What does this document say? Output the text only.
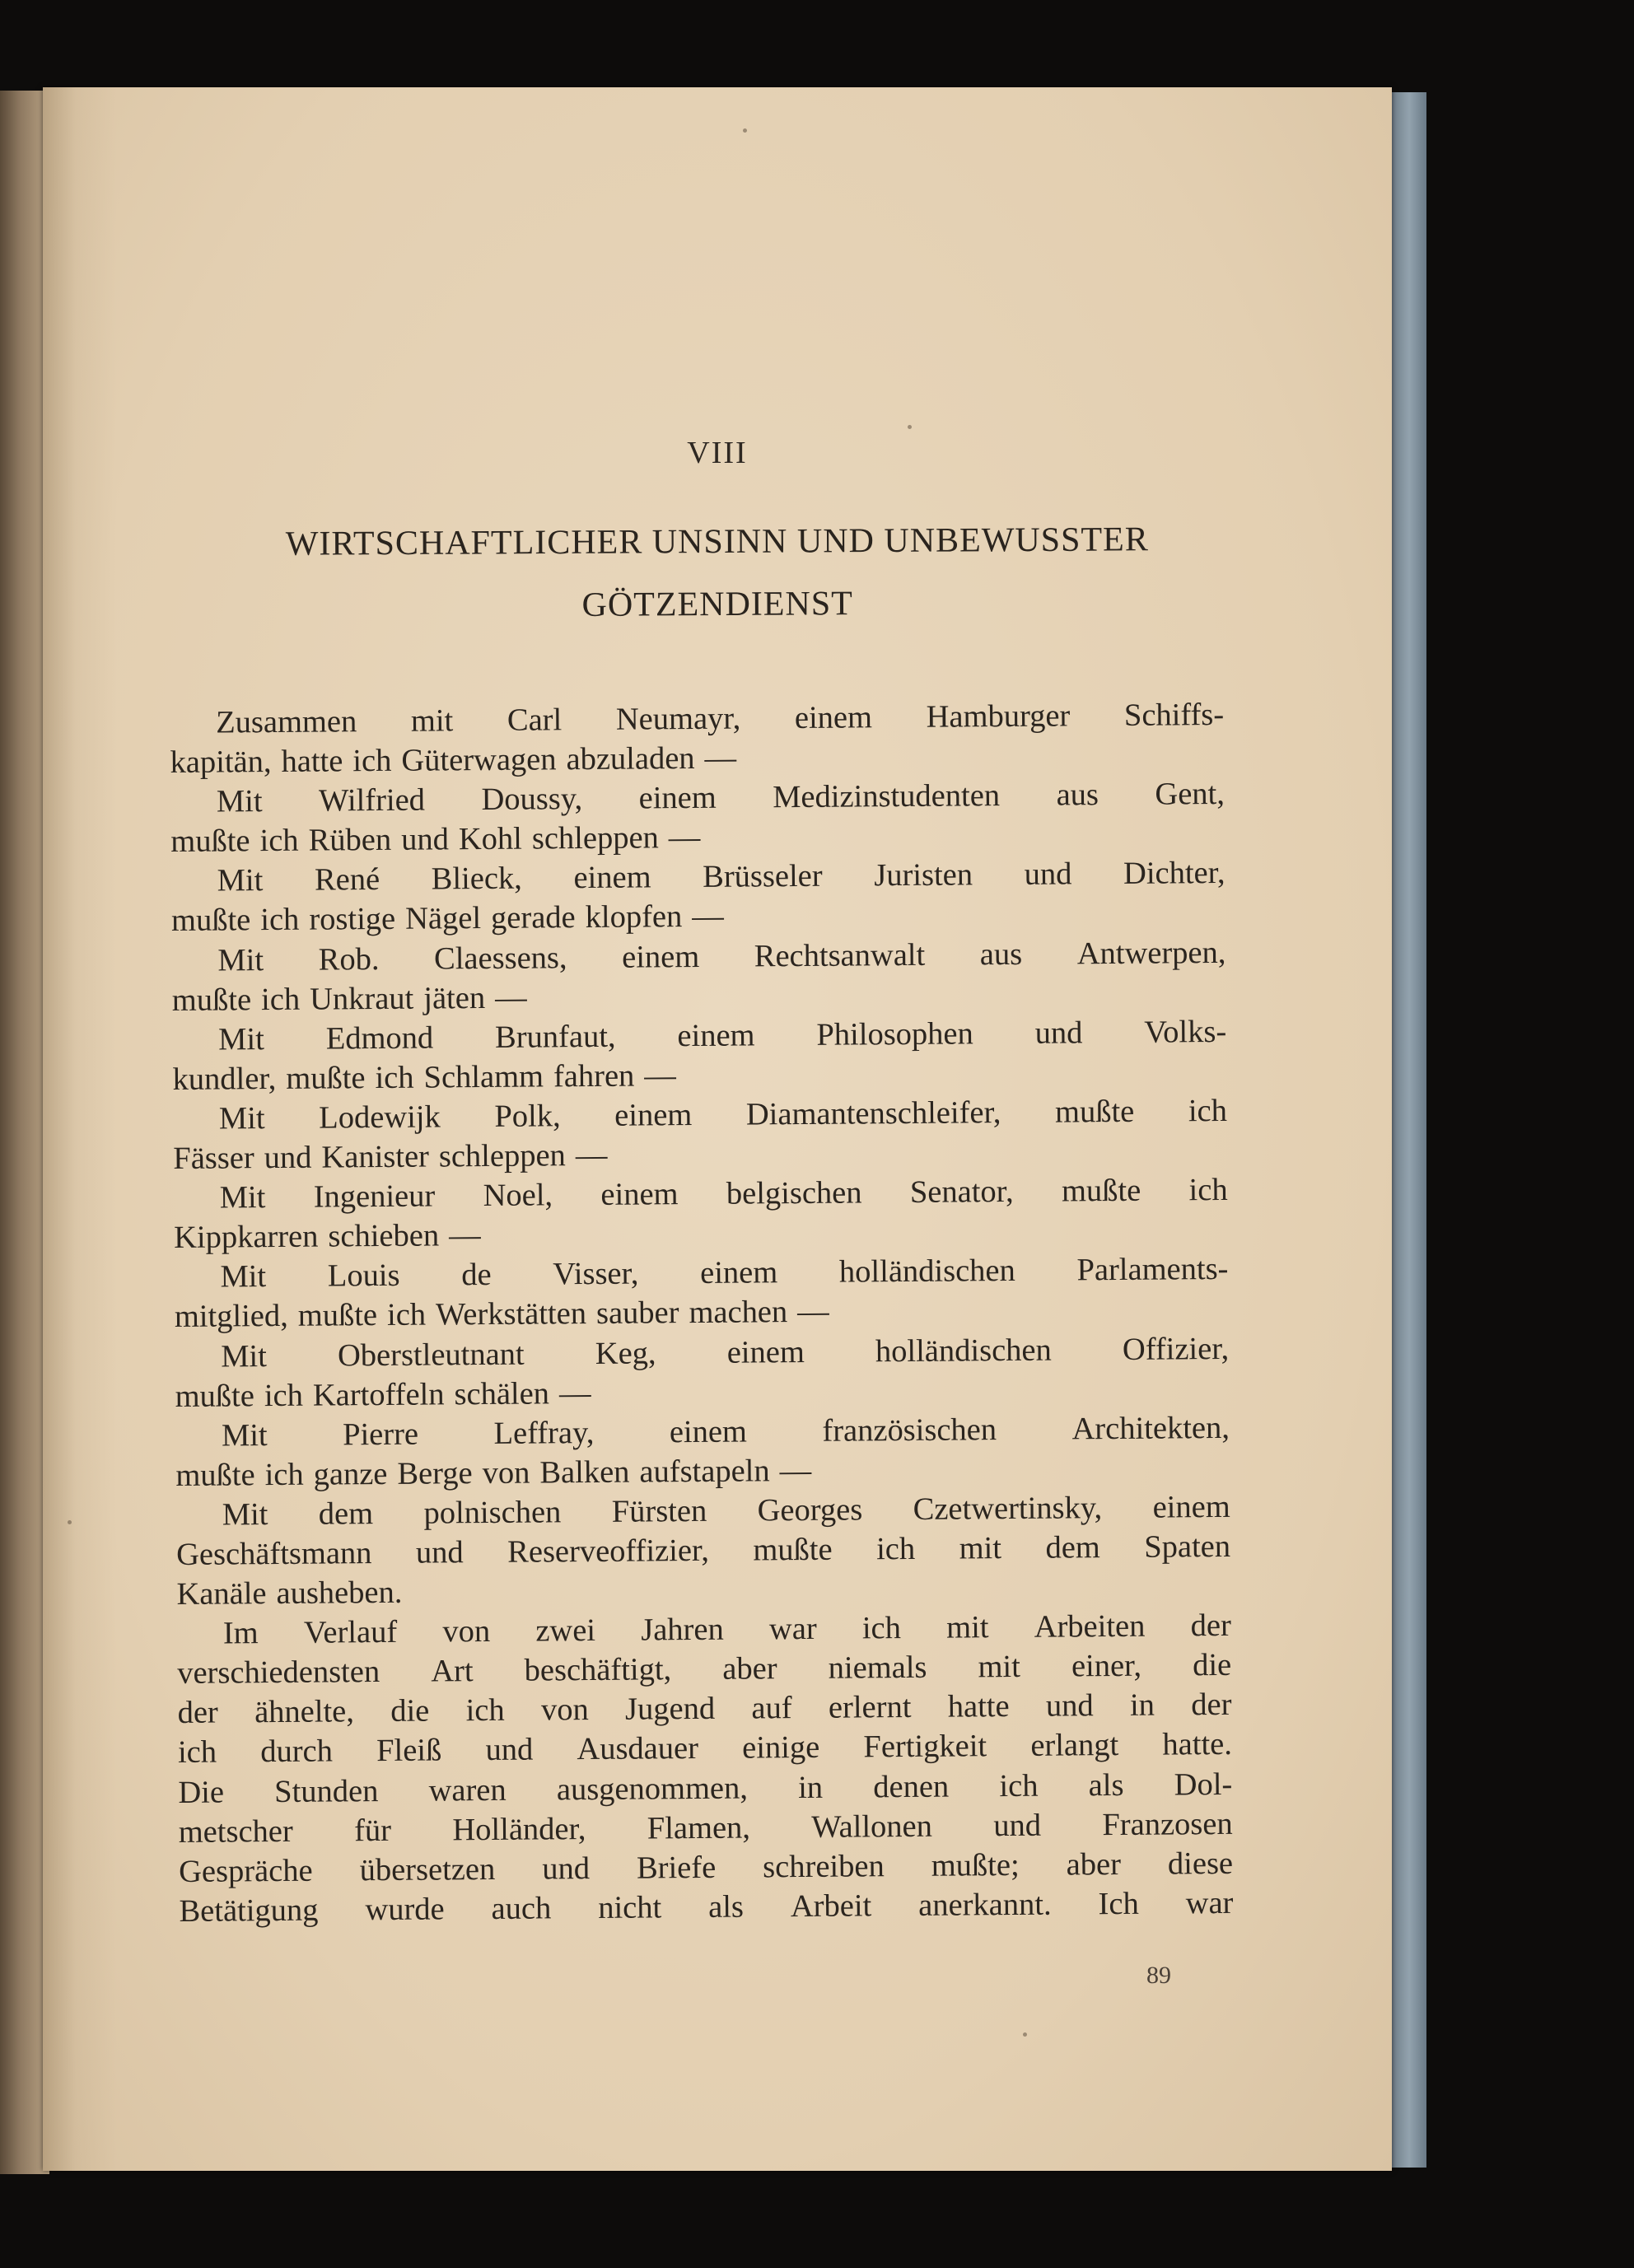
VIII
WIRTSCHAFTLICHER UNSINN UND UNBEWUSSTER
GÖTZENDIENST
Zusammen mit Carl Neumayr, einem Hamburger Schiffs-
kapitän, hatte ich Güterwagen abzuladen —
Mit Wilfried Doussy, einem Medizinstudenten aus Gent,
mußte ich Rüben und Kohl schleppen —
Mit René Blieck, einem Brüsseler Juristen und Dichter,
mußte ich rostige Nägel gerade klopfen —
Mit Rob. Claessens, einem Rechtsanwalt aus Antwerpen,
mußte ich Unkraut jäten —
Mit Edmond Brunfaut, einem Philosophen und Volks-
kundler, mußte ich Schlamm fahren —
Mit Lodewijk Polk, einem Diamantenschleifer, mußte ich
Fässer und Kanister schleppen —
Mit Ingenieur Noel, einem belgischen Senator, mußte ich
Kippkarren schieben —
Mit Louis de Visser, einem holländischen Parlaments-
mitglied, mußte ich Werkstätten sauber machen —
Mit Oberstleutnant Keg, einem holländischen Offizier,
mußte ich Kartoffeln schälen —
Mit Pierre Leffray, einem französischen Architekten,
mußte ich ganze Berge von Balken aufstapeln —
Mit dem polnischen Fürsten Georges Czetwertinsky, einem
Geschäftsmann und Reserveoffizier, mußte ich mit dem Spaten
Kanäle ausheben.
Im Verlauf von zwei Jahren war ich mit Arbeiten der
verschiedensten Art beschäftigt, aber niemals mit einer, die
der ähnelte, die ich von Jugend auf erlernt hatte und in der
ich durch Fleiß und Ausdauer einige Fertigkeit erlangt hatte.
Die Stunden waren ausgenommen, in denen ich als Dol-
metscher für Holländer, Flamen, Wallonen und Franzosen
Gespräche übersetzen und Briefe schreiben mußte; aber diese
Betätigung wurde auch nicht als Arbeit anerkannt. Ich war
89
